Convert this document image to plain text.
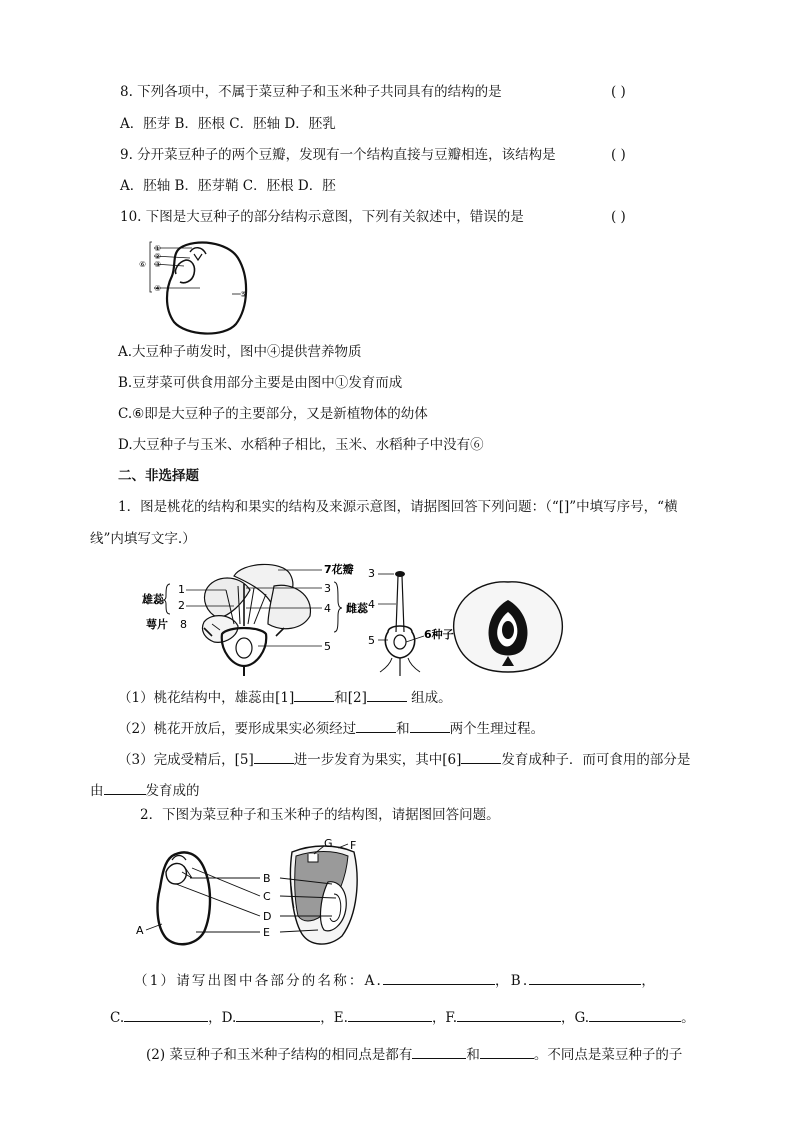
8. 下列各项中，不属于菜豆种子和玉米种子共同具有的结构的是	( )
A．胚芽 B．胚根 C．胚轴 D．胚乳
9. 分开菜豆种子的两个豆瓣，发现有一个结构直接与豆瓣相连，该结构是	( )
A．胚轴 B．胚芽鞘 C．胚根 D．胚
10. 下图是大豆种子的部分结构示意图，下列有关叙述中，错误的是	( )
①
②
③
④
⑤
⑥
A.大豆种子萌发时，图中④提供营养物质
B.豆芽菜可供食用部分主要是由图中①发育而成
C.⑥即是大豆种子的主要部分，又是新植物体的幼体
D.大豆种子与玉米、水稻种子相比，玉米、水稻种子中没有⑥
二、非选择题
1．图是桃花的结构和果实的结构及来源示意图，请据图回答下列问题：（“[]”中填写序号，“横
线”内填写文字.）
雄蕊
1
2
萼片 8
7花瓣
3
4
5
雌蕊
3
4
5	6种子
（1）桃花结构中，雄蕊由[1]	和[2]	组成。
（2）桃花开放后，要形成果实必须经过	和	两个生理过程。
（3）完成受精后，[5]	进一步发育为果实，其中[6]	发育成种子．而可食用的部分是
由	发育成的
2．下图为菜豆种子和玉米种子的结构图，请据图回答问题。
A
B
C
D
E
G F
（1）请写出图中各部分的名称：A.	，B.	，
C.	，D.	，E.	，F.	，G.	。
(2) 菜豆种子和玉米种子结构的相同点是都有	和	。不同点是菜豆种子的子
